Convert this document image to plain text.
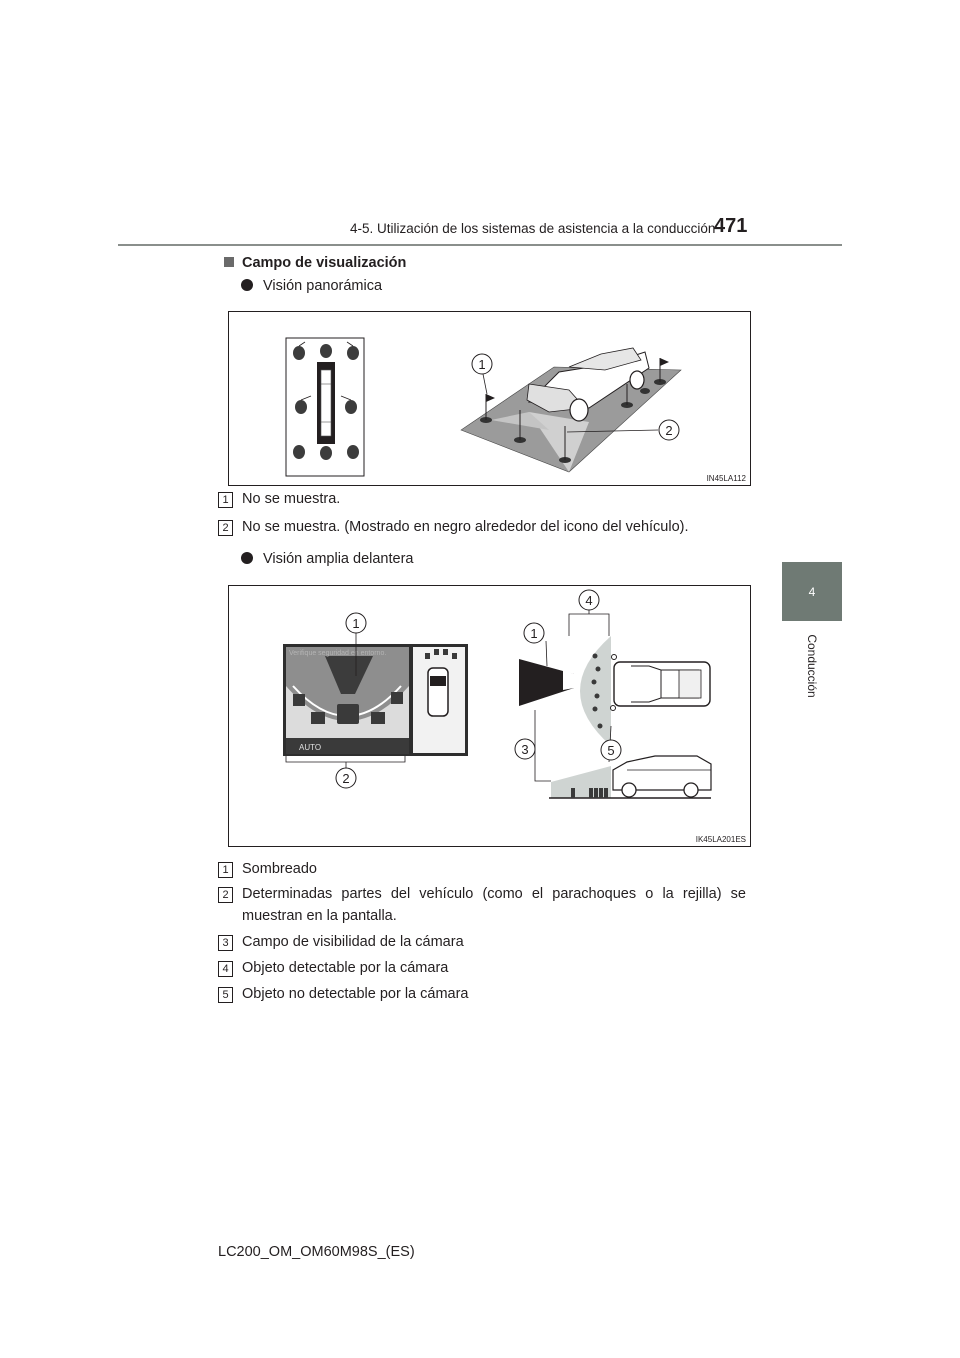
4-5. Utilización de los sistemas de asistencia a la conducción
471
4
Conducción
Campo de visualización
Visión panorámica
1
2
IN45LA112
1 No se muestra.
2 No se muestra. (Mostrado en negro alrededor del icono del vehículo).
Visión amplia delantera
Verifique seguridad en entorno.
AUTO
2
1
4
1
3	5
IK45LA201ES
1 Sombreado
2 Determinadas partes del vehículo (como el parachoques o la rejilla) se muestran en la pantalla.
3 Campo de visibilidad de la cámara
4 Objeto detectable por la cámara
5 Objeto no detectable por la cámara
LC200_OM_OM60M98S_(ES)
